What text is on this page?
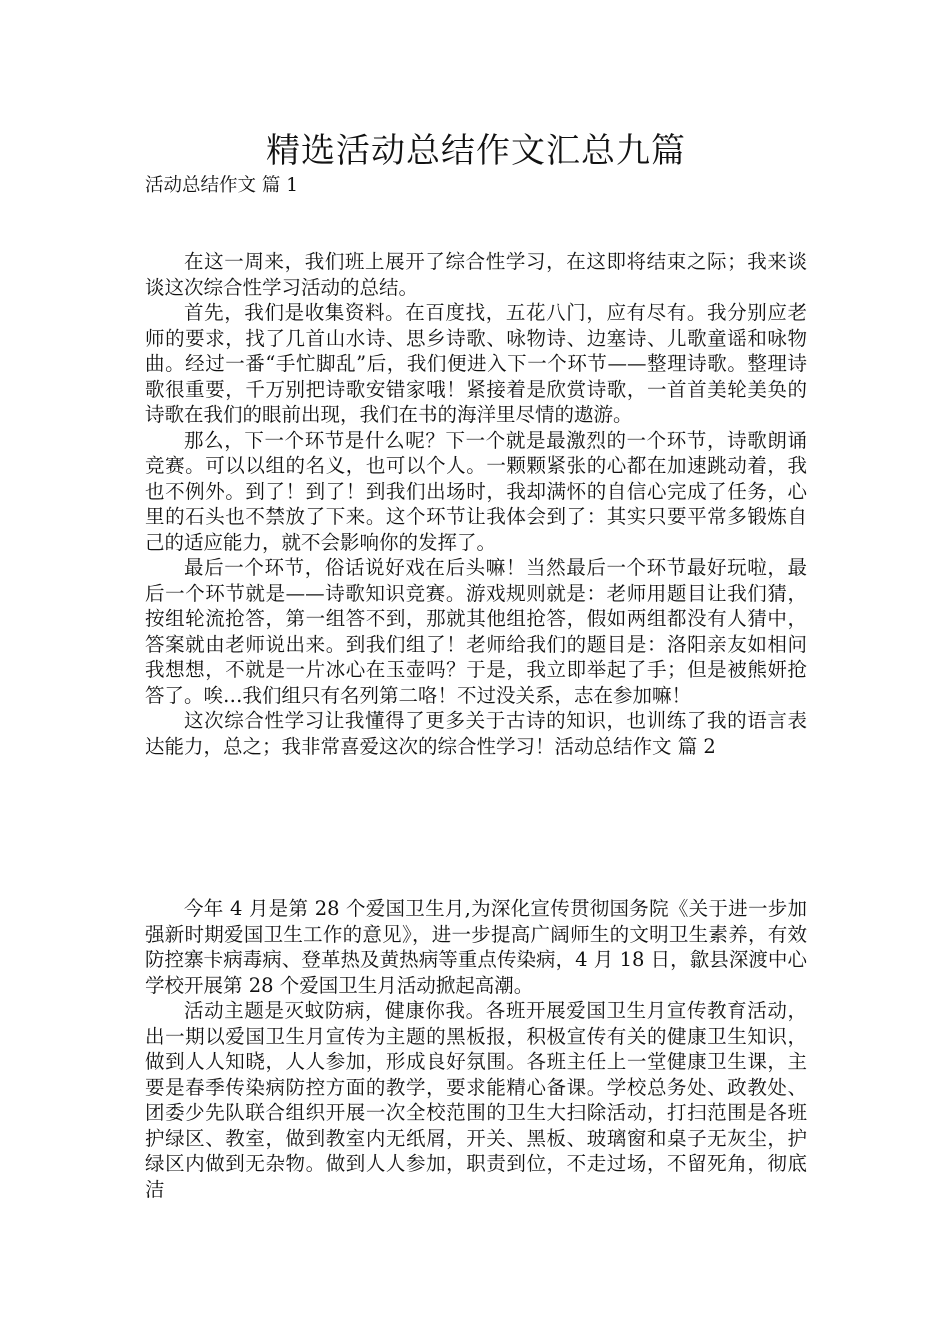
精选活动总结作文汇总九篇
活动总结作文 篇 1

在这一周来，我们班上展开了综合性学习，在这即将结束之际；我来谈谈这次综合性学习活动的总结。

首先，我们是收集资料。在百度找，五花八门，应有尽有。我分别应老师的要求，找了几首山水诗、思乡诗歌、咏物诗、边塞诗、儿歌童谣和咏物曲。经过一番“手忙脚乱”后，我们便进入下一个环节——整理诗歌。整理诗歌很重要，千万别把诗歌安错家哦！紧接着是欣赏诗歌，一首首美轮美奂的诗歌在我们的眼前出现，我们在书的海洋里尽情的遨游。

那么，下一个环节是什么呢？下一个就是最激烈的一个环节，诗歌朗诵竞赛。可以以组的名义，也可以个人。一颗颗紧张的心都在加速跳动着，我也不例外。到了！到了！到我们出场时，我却满怀的自信心完成了任务，心里的石头也不禁放了下来。这个环节让我体会到了：其实只要平常多锻炼自己的适应能力，就不会影响你的发挥了。

最后一个环节，俗话说好戏在后头嘛！当然最后一个环节最好玩啦，最后一个环节就是——诗歌知识竞赛。游戏规则就是：老师用题目让我们猜，按组轮流抢答，第一组答不到，那就其他组抢答，假如两组都没有人猜中，答案就由老师说出来。到我们组了！老师给我们的题目是：洛阳亲友如相问我想想，不就是一片冰心在玉壶吗？于是，我立即举起了手；但是被熊妍抢答了。唉…我们组只有名列第二咯！不过没关系，志在参加嘛！

这次综合性学习让我懂得了更多关于古诗的知识，也训练了我的语言表达能力，总之；我非常喜爱这次的综合性学习！活动总结作文 篇 2

今年 4 月是第 28 个爱国卫生月,为深化宣传贯彻国务院《关于进一步加强新时期爱国卫生工作的意见》，进一步提高广阔师生的文明卫生素养，有效防控寨卡病毒病、登革热及黄热病等重点传染病，4 月 18 日，歙县深渡中心学校开展第 28 个爱国卫生月活动掀起高潮。

活动主题是灭蚊防病，健康你我。各班开展爱国卫生月宣传教育活动，出一期以爱国卫生月宣传为主题的黑板报，积极宣传有关的健康卫生知识，做到人人知晓，人人参加，形成良好氛围。各班主任上一堂健康卫生课，主要是春季传染病防控方面的教学，要求能精心备课。学校总务处、政教处、团委少先队联合组织开展一次全校范围的卫生大扫除活动，打扫范围是各班护绿区、教室，做到教室内无纸屑，开关、黑板、玻璃窗和桌子无灰尘，护绿区内做到无杂物。做到人人参加，职责到位，不走过场，不留死角，彻底洁
